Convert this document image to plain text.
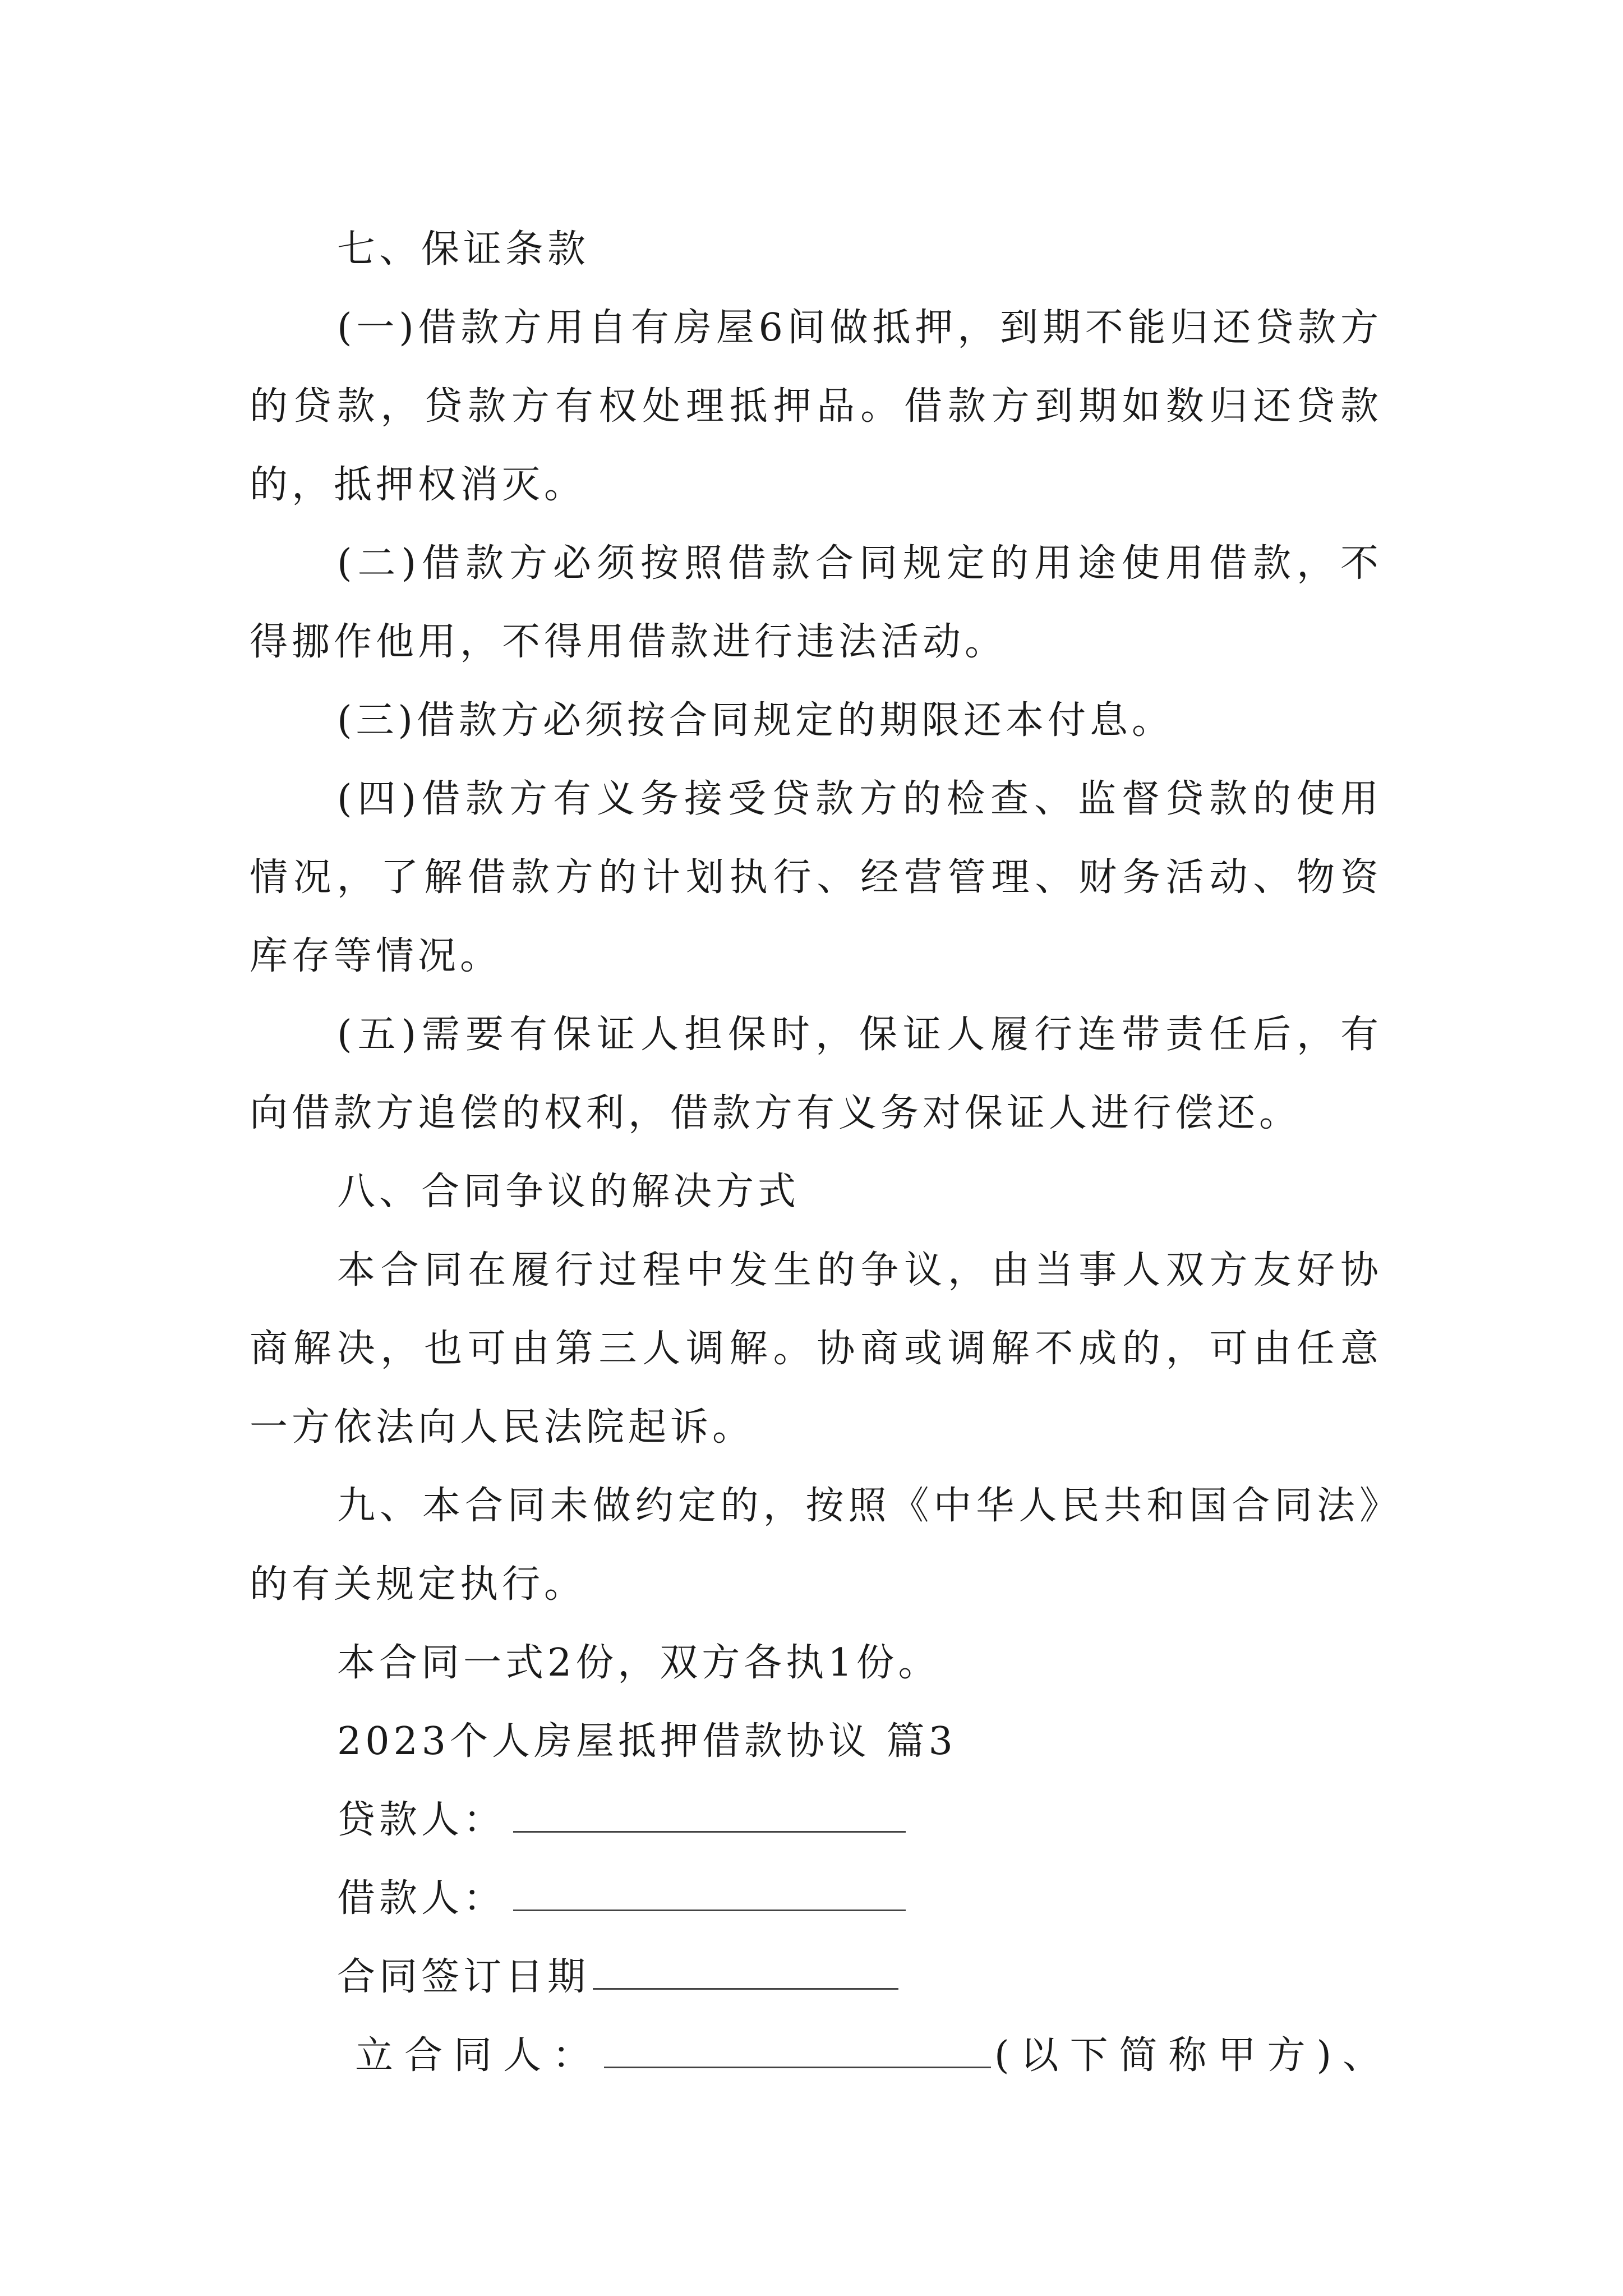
七、保证条款

(一)借款方用自有房屋6间做抵押，到期不能归还贷款方的贷款，贷款方有权处理抵押品。借款方到期如数归还贷款的，抵押权消灭。

(二)借款方必须按照借款合同规定的用途使用借款，不得挪作他用，不得用借款进行违法活动。

(三)借款方必须按合同规定的期限还本付息。

(四)借款方有义务接受贷款方的检查、监督贷款的使用情况，了解借款方的计划执行、经营管理、财务活动、物资库存等情况。

(五)需要有保证人担保时，保证人履行连带责任后，有向借款方追偿的权利，借款方有义务对保证人进行偿还。

八、合同争议的解决方式

本合同在履行过程中发生的争议，由当事人双方友好协商解决，也可由第三人调解。协商或调解不成的，可由任意一方依法向人民法院起诉。

九、本合同未做约定的，按照《中华人民共和国合同法》的有关规定执行。

本合同一式2份，双方各执1份。

2023个人房屋抵押借款协议 篇3

贷款人：

借款人：

合同签订日期

立合同人：	(以下简称甲方)、
